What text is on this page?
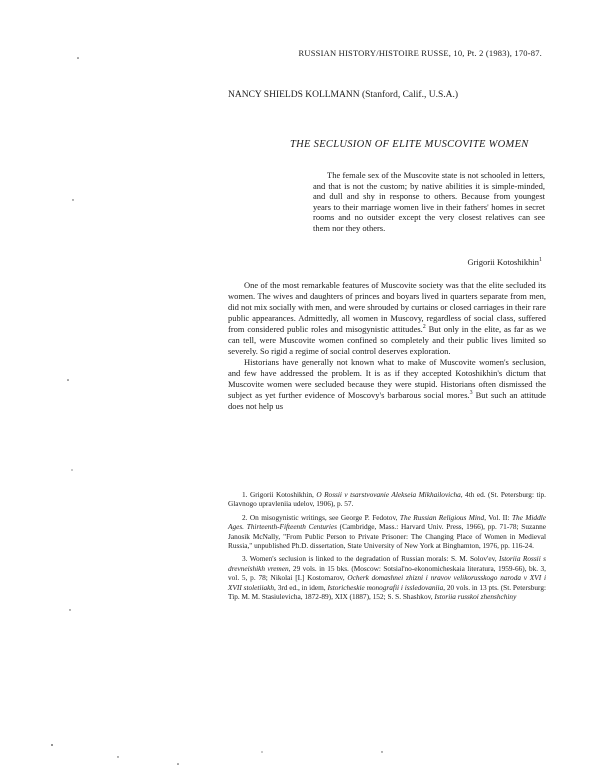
RUSSIAN HISTORY/HISTOIRE RUSSE, 10, Pt. 2 (1983), 170-87.
NANCY SHIELDS KOLLMANN (Stanford, Calif., U.S.A.)
THE SECLUSION OF ELITE MUSCOVITE WOMEN
The female sex of the Muscovite state is not schooled in letters, and that is not the custom; by native abilities it is simple-minded, and dull and shy in response to others. Because from youngest years to their marriage women live in their fathers' homes in secret rooms and no outsider except the very closest relatives can see them nor they others.
Grigorii Kotoshikhin$^1$

One of the most remarkable features of Muscovite society was that the elite secluded its women. The wives and daughters of princes and boyars lived in quarters separate from men, did not mix socially with men, and were shrouded by curtains or closed carriages in their rare public appearances. Admittedly, all women in Muscovy, regardless of social class, suffered from considered public roles and misogynistic attitudes.$^2$ But only in the elite, as far as we can tell, were Muscovite women confined so completely and their public lives limited so severely. So rigid a regime of social control deserves exploration.

Historians have generally not known what to make of Muscovite women's seclusion, and few have addressed the problem. It is as if they accepted Kotoshikhin's dictum that Muscovite women were secluded because they were stupid. Historians often dismissed the subject as yet further evidence of Moscovy's barbarous social mores.$^3$ But such an attitude does not help us

1. Grigorii Kotoshikhin, O Rossii v tsarstvovanie Alekseia Mikhailovicha, 4th ed. (St. Petersburg: tip. Glavnogo upravleniia udelov, 1906), p. 57.

2. On misogynistic writings, see George P. Fedotov, The Russian Religious Mind, Vol. II: The Middle Ages. Thirteenth-Fifteenth Centuries (Cambridge, Mass.: Harvard Univ. Press, 1966), pp. 71-78; Suzanne Janosik McNally, "From Public Person to Private Prisoner: The Changing Place of Women in Medieval Russia," unpublished Ph.D. dissertation, State University of New York at Binghamton, 1976, pp. 116-24.

3. Women's seclusion is linked to the degradation of Russian morals: S. M. Solov'ev, Istoriia Rossii s drevneishikh vremen, 29 vols. in 15 bks. (Moscow: Sotsial'no-ekonomicheskaia literatura, 1959-66), bk. 3, vol. 5, p. 78; Nikolai [I.] Kostomarov, Ocherk domashnei zhizni i nravov velikorusskogo naroda v XVI i XVII stoletiiakh, 3rd ed., in idem, Istoricheskie monografii i issledovaniia, 20 vols. in 13 pts. (St. Petersburg: Tip. M. M. Stasiulevicha, 1872-89), XIX (1887), 152; S. S. Shashkov, Istoriia russkoi zhenshchiny
